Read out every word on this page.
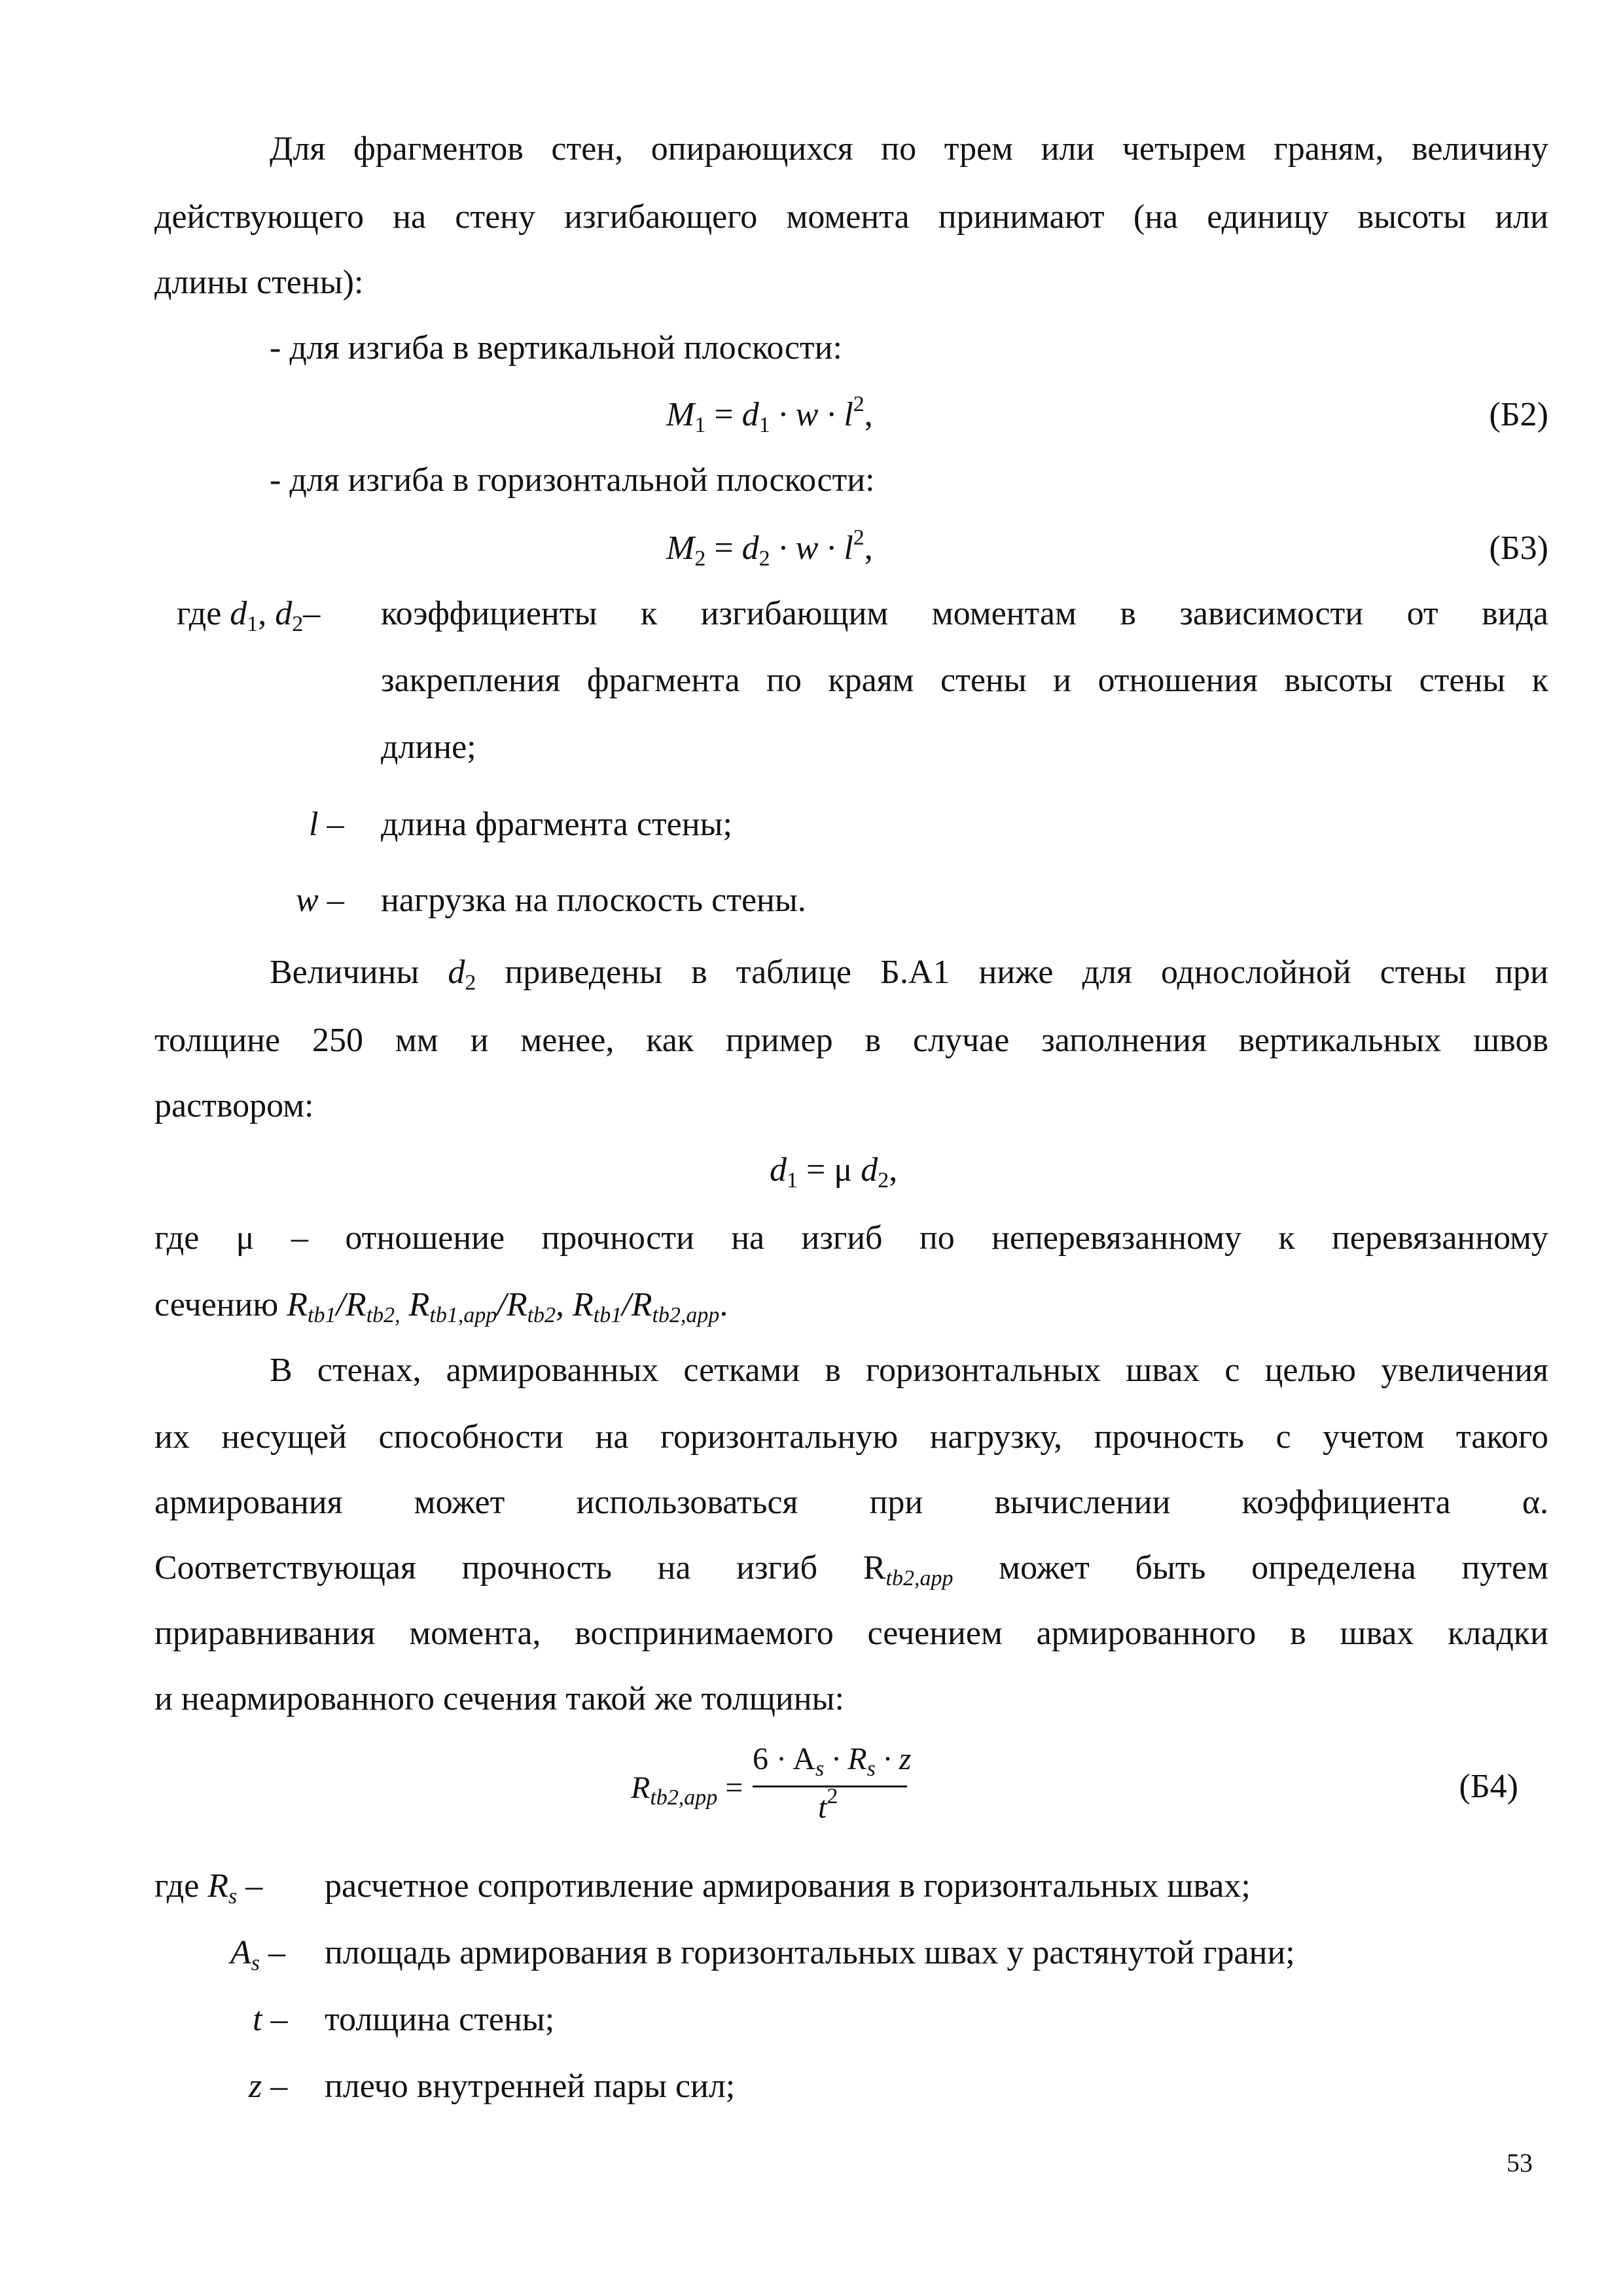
Для фрагментов стен, опирающихся по трем или четырем граням, величину
действующего на стену изгибающего момента принимают (на единицу высоты или
длины стены):
- для изгиба в вертикальной плоскости:
$M_1 = d_1 \cdot w \cdot l^2$,	(Б2)
- для изгиба в горизонтальной плоскости:
$M_2 = d_2 \cdot w \cdot l^2$,	(Б3)
где $d_1$, $d_2-$ коэффициенты к изгибающим моментам в зависимости от вида
закрепления фрагмента по краям стены и отношения высоты стены к
длине;
l – длина фрагмента стены;
w – нагрузка на плоскость стены.
Величины $d_2$ приведены в таблице Б.А1 ниже для однослойной стены при
толщине 250 мм и менее, как пример в случае заполнения вертикальных швов
раствором:
$d_1 = \mu$ $d_2$,
где μ – отношение прочности на изгиб по неперевязанному к перевязанному
сечению $R_{tb1}/R_{tb2,}$ $R_{tb1,app}/R_{tb2}$, $R_{tb1}/R_{tb2,app}$.
В стенах, армированных сетками в горизонтальных швах с целью увеличения
их несущей способности на горизонтальную нагрузку, прочность с учетом такого
армирования может использоваться при вычислении коэффициента α.
Соответствующая прочность на изгиб $R_{tb2,app}$ может быть определена путем
приравнивания момента, воспринимаемого сечением армированного в швах кладки
и неармированного сечения такой же толщины:
$R_{tb2,app}$ =
$6 \cdot A_s \cdot R_s \cdot z$
$t^2$	(Б4)
где $R_s$ – расчетное сопротивление армирования в горизонтальных швах;
$A_s$ – площадь армирования в горизонтальных швах у растянутой грани;
t – толщина стены;
z – плечо внутренней пары сил;
53
